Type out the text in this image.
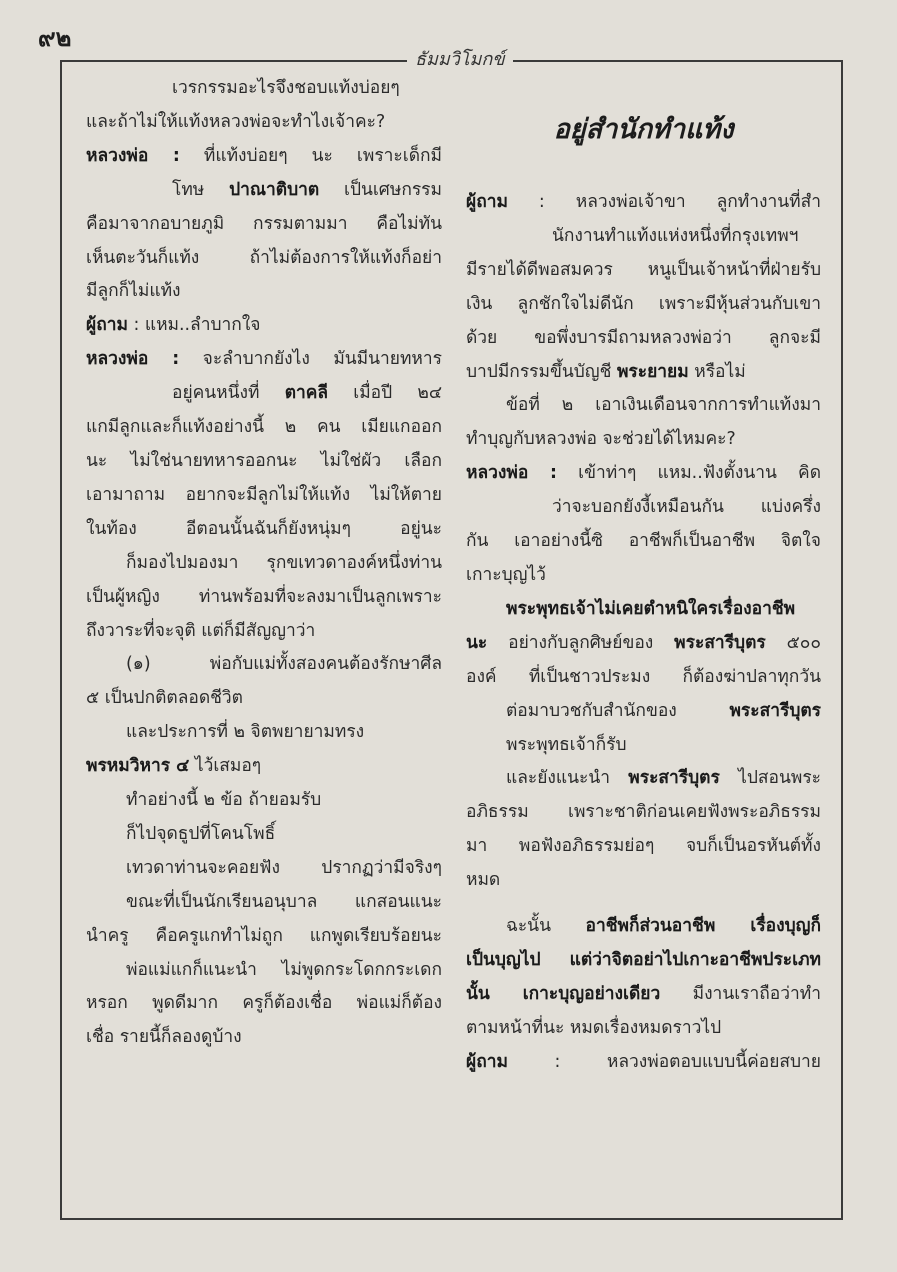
๙๒
ธัมมวิโมกข์
เวรกรรมอะไรจึงชอบแท้งบ่อยๆ
และถ้าไม่ให้แท้งหลวงพ่อจะทำไงเจ้าคะ?
หลวงพ่อ : ที่แท้งบ่อยๆ นะ เพราะเด็กมี
โทษ ปาณาติบาต เป็นเศษกรรม
คือมาจากอบายภูมิ กรรมตามมา คือไม่ทัน
เห็นตะวันก็แท้ง ถ้าไม่ต้องการให้แท้งก็อย่า
มีลูกก็ไม่แท้ง
ผู้ถาม : แหม..ลำบากใจ
หลวงพ่อ : จะลำบากยังไง มันมีนายทหาร
อยู่คนหนึ่งที่ ตาคลี เมื่อปี ๒๔
แกมีลูกและก็แท้งอย่างนี้ ๒ คน เมียแกออก
นะ ไม่ใช่นายทหารออกนะ ไม่ใช่ผัว เลือก
เอามาถาม อยากจะมีลูกไม่ให้แท้ง ไม่ให้ตาย
ในท้อง อีตอนนั้นฉันก็ยังหนุ่มๆ อยู่นะ
ก็มองไปมองมา รุกขเทวดาองค์หนึ่งท่าน
เป็นผู้หญิง ท่านพร้อมที่จะลงมาเป็นลูกเพราะ
ถึงวาระที่จะจุติ แต่ก็มีสัญญาว่า
(๑) พ่อกับแม่ทั้งสองคนต้องรักษาศีล
๕ เป็นปกติตลอดชีวิต
และประการที่ ๒ จิตพยายามทรง
พรหมวิหาร ๔ ไว้เสมอๆ
ทำอย่างนี้ ๒ ข้อ ถ้ายอมรับ
ก็ไปจุดธูปที่โคนโพธิ์
เทวดาท่านจะคอยฟัง ปรากฏว่ามีจริงๆ
ขณะที่เป็นนักเรียนอนุบาล แกสอนแนะ
นำครู คือครูแกทำไม่ถูก แกพูดเรียบร้อยนะ
พ่อแม่แกก็แนะนำ ไม่พูดกระโดกกระเดก
หรอก พูดดีมาก ครูก็ต้องเชื่อ พ่อแม่ก็ต้อง
เชื่อ รายนี้ก็ลองดูบ้าง
อยู่สำนักทำแท้ง
ผู้ถาม : หลวงพ่อเจ้าขา ลูกทำงานที่สำ
นักงานทำแท้งแห่งหนึ่งที่กรุงเทพฯ
มีรายได้ดีพอสมควร หนูเป็นเจ้าหน้าที่ฝ่ายรับ
เงิน ลูกชักใจไม่ดีนัก เพราะมีหุ้นส่วนกับเขา
ด้วย ขอพึ่งบารมีถามหลวงพ่อว่า ลูกจะมี
บาปมีกรรมขึ้นบัญชี พระยายม หรือไม่
ข้อที่ ๒ เอาเงินเดือนจากการทำแท้งมา
ทำบุญกับหลวงพ่อ จะช่วยได้ไหมคะ?
หลวงพ่อ : เข้าท่าๆ แหม..ฟังตั้งนาน คิด
ว่าจะบอกยังงี้เหมือนกัน แบ่งครึ่ง
กัน เอาอย่างนี้ซิ อาชีพก็เป็นอาชีพ จิตใจ
เกาะบุญไว้
พระพุทธเจ้าไม่เคยตำหนิใครเรื่องอาชีพ
นะ อย่างกับลูกศิษย์ของ พระสารีบุตร ๕๐๐
องค์ ที่เป็นชาวประมง ก็ต้องฆ่าปลาทุกวัน
ต่อมาบวชกับสำนักของ พระสารีบุตร
พระพุทธเจ้าก็รับ
และยังแนะนำ พระสารีบุตร ไปสอนพระ
อภิธรรม เพราะชาติก่อนเคยฟังพระอภิธรรม
มา พอฟังอภิธรรมย่อๆ จบก็เป็นอรหันต์ทั้ง
หมด
ฉะนั้น อาชีพก็ส่วนอาชีพ เรื่องบุญก็
เป็นบุญไป แต่ว่าจิตอย่าไปเกาะอาชีพประเภท
นั้น เกาะบุญอย่างเดียว มีงานเราถือว่าทำ
ตามหน้าที่นะ หมดเรื่องหมดราวไป
ผู้ถาม : หลวงพ่อตอบแบบนี้ค่อยสบาย
